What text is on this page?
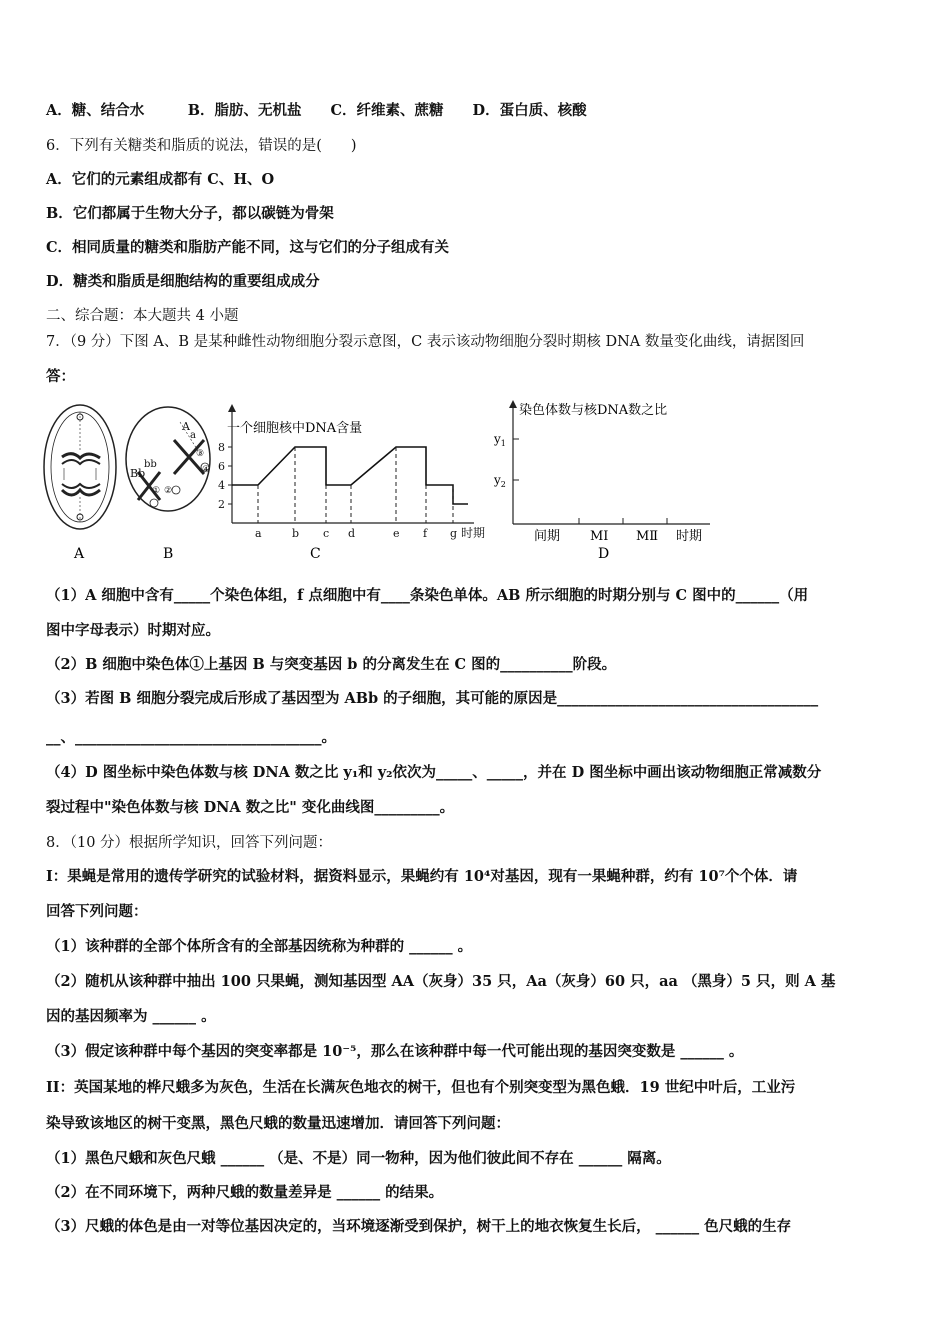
A．糖、结合水　　　B．脂肪、无机盐　　C．纤维素、蔗糖　　D．蛋白质、核酸
6．下列有关糖类和脂质的说法，错误的是(　　)
A．它们的元素组成都有 C、H、O
B．它们都属于生物大分子，都以碳链为骨架
C．相同质量的糖类和脂肪产能不同，这与它们的分子组成有关
D．糖类和脂质是细胞结构的重要组成成分
二、综合题：本大题共 4 小题
7．（9 分）下图 A、B 是某种雌性动物细胞分裂示意图，C 表示该动物细胞分裂时期核 DNA 数量变化曲线，请据图回
答：
A
a
Bb
bb
① ②
③
④
一个细胞核中DNA含量
2
4
6
8
a	b c d	e f g 时期
染色体数与核DNA数之比
$y_1$
$y_2$
间期 MⅠ MⅡ 时期
A	B	C	D
（1）A 细胞中含有_____个染色体组，f 点细胞中有____条染色单体。AB 所示细胞的时期分别与 C 图中的______（用
图中字母表示）时期对应。
（2）B 细胞中染色体①上基因 B 与突变基因 b 的分离发生在 C 图的__________阶段。
（3）若图 B 细胞分裂完成后形成了基因型为 ABb 的子细胞，其可能的原因是____________________________________
__、__________________________________。
（4）D 图坐标中染色体数与核 DNA 数之比 y₁和 y₂依次为_____、_____，并在 D 图坐标中画出该动物细胞正常减数分
裂过程中"染色体数与核 DNA 数之比" 变化曲线图_________。
8．（10 分）根据所学知识，回答下列问题：
I：果蝇是常用的遗传学研究的试验材料，据资料显示，果蝇约有 10⁴对基因，现有一果蝇种群，约有 10⁷个个体．请
回答下列问题：
（1）该种群的全部个体所含有的全部基因统称为种群的 ______ 。
（2）随机从该种群中抽出 100 只果蝇，测知基因型 AA（灰身）35 只，Aa（灰身）60 只，aa （黑身）5 只，则 A 基
因的基因频率为 ______ 。
（3）假定该种群中每个基因的突变率都是 10⁻⁵，那么在该种群中每一代可能出现的基因突变数是 ______ 。
II：英国某地的桦尺蛾多为灰色，生活在长满灰色地衣的树干，但也有个别突变型为黑色蛾．19 世纪中叶后，工业污
染导致该地区的树干变黑，黑色尺蛾的数量迅速增加．请回答下列问题：
（1）黑色尺蛾和灰色尺蛾 ______ （是、不是）同一物种，因为他们彼此间不存在 ______ 隔离。
（2）在不同环境下，两种尺蛾的数量差异是 ______ 的结果。
（3）尺蛾的体色是由一对等位基因决定的，当环境逐渐受到保护，树干上的地衣恢复生长后， ______ 色尺蛾的生存
